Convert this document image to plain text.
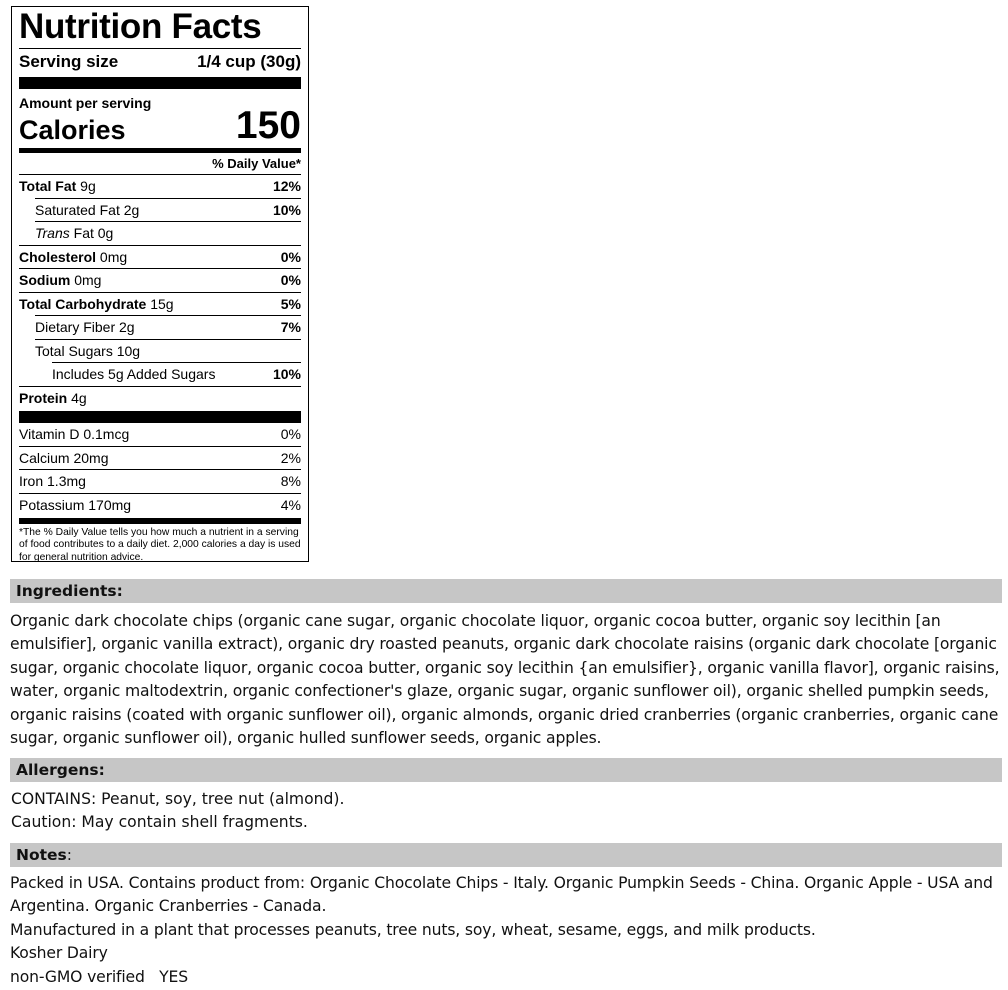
Nutrition Facts
Serving size	1/4 cup (30g)
Amount per serving
Calories	150
% Daily Value*
Total Fat 9g	12%
Saturated Fat 2g	10%
Trans Fat 0g
Cholesterol 0mg	0%
Sodium 0mg	0%
Total Carbohydrate 15g	5%
Dietary Fiber 2g	7%
Total Sugars 10g
Includes 5g Added Sugars	10%
Protein 4g
Vitamin D 0.1mcg	0%
Calcium 20mg	2%
Iron 1.3mg	8%
Potassium 170mg	4%
*The % Daily Value tells you how much a nutrient in a serving of food contributes to a daily diet. 2,000 calories a day is used for general nutrition advice.
Ingredients:
Organic dark chocolate chips (organic cane sugar, organic chocolate liquor, organic cocoa butter, organic soy lecithin [an emulsifier], organic vanilla extract), organic dry roasted peanuts, organic dark chocolate raisins (organic dark chocolate [organic sugar, organic chocolate liquor, organic cocoa butter, organic soy lecithin {an emulsifier}, organic vanilla flavor], organic raisins, water, organic maltodextrin, organic confectioner's glaze, organic sugar, organic sunflower oil), organic shelled pumpkin seeds, organic raisins (coated with organic sunflower oil), organic almonds, organic dried cranberries (organic cranberries, organic cane sugar, organic sunflower oil), organic hulled sunflower seeds, organic apples.
Allergens:

CONTAINS: Peanut, soy, tree nut (almond).

Caution: May contain shell fragments.

Notes:

Packed in USA. Contains product from: Organic Chocolate Chips - Italy. Organic Pumpkin Seeds - China. Organic Apple - USA and Argentina. Organic Cranberries - Canada.

Manufactured in a plant that processes peanuts, tree nuts, soy, wheat, sesame, eggs, and milk products.

Kosher Dairy

non-GMO verified   YES
